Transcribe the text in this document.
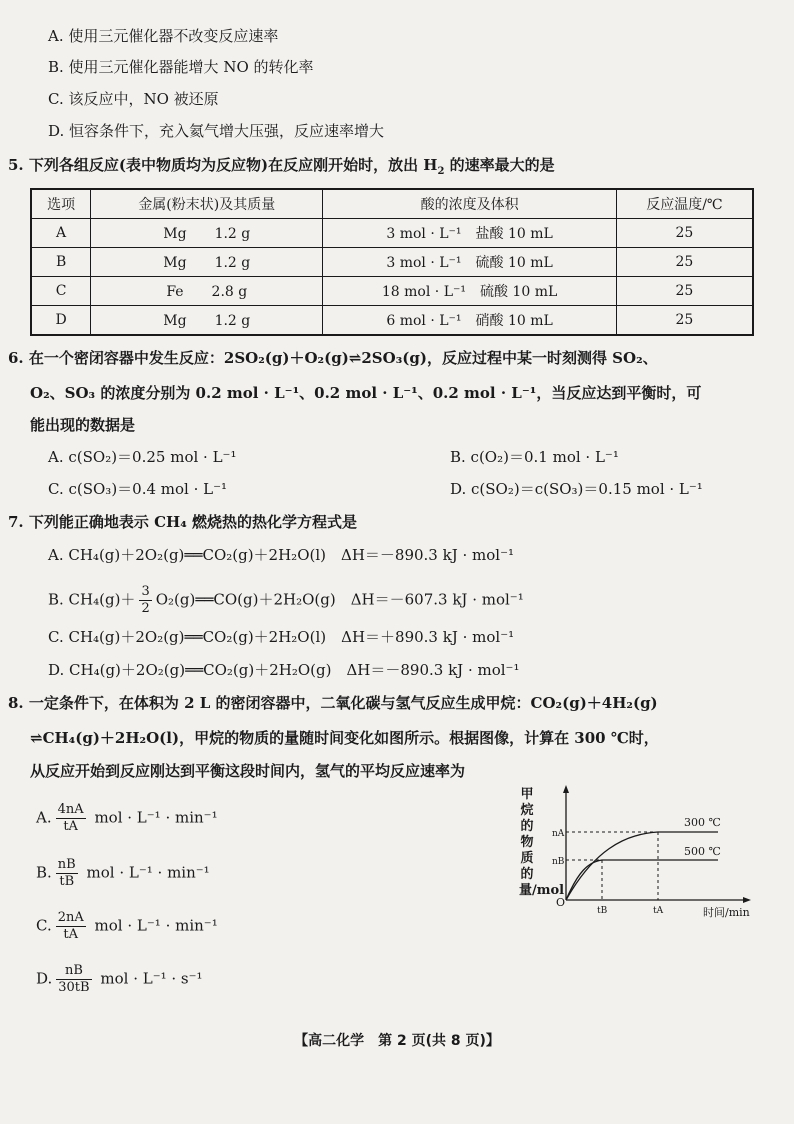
A. 使用三元催化器不改变反应速率
B. 使用三元催化器能增大 NO 的转化率
C. 该反应中，NO 被还原
D. 恒容条件下，充入氦气增大压强，反应速率增大
5. 下列各组反应(表中物质均为反应物)在反应刚开始时，放出 $H_2$ 的速率最大的是
选项	金属(粉末状)及其质量	酸的浓度及体积	反应温度/℃
A	Mg　　1.2 g	3 mol · L⁻¹　盐酸 10 mL	25
B	Mg　　1.2 g	3 mol · L⁻¹　硫酸 10 mL	25
C	Fe　　2.8 g	18 mol · L⁻¹　硫酸 10 mL	25
D	Mg　　1.2 g	6 mol · L⁻¹　硝酸 10 mL	25
6. 在一个密闭容器中发生反应：2SO₂(g)＋O₂(g)⇌2SO₃(g)，反应过程中某一时刻测得 SO₂、
O₂、SO₃ 的浓度分别为 0.2 mol · L⁻¹、0.2 mol · L⁻¹、0.2 mol · L⁻¹，当反应达到平衡时，可
能出现的数据是
A. c(SO₂)＝0.25 mol · L⁻¹	B. c(O₂)＝0.1 mol · L⁻¹
C. c(SO₃)＝0.4 mol · L⁻¹	D. c(SO₂)＝c(SO₃)＝0.15 mol · L⁻¹
7. 下列能正确地表示 CH₄ 燃烧热的热化学方程式是
A. CH₄(g)＋2O₂(g)══CO₂(g)＋2H₂O(l)　ΔH＝－890.3 kJ · mol⁻¹
B. $CH_4(g)+ \frac{3}{2}$ O₂(g)══CO(g)＋2H₂O(g)　ΔH＝－607.3 kJ · mol⁻¹
C. CH₄(g)＋2O₂(g)══CO₂(g)＋2H₂O(l)　ΔH＝＋890.3 kJ · mol⁻¹
D. CH₄(g)＋2O₂(g)══CO₂(g)＋2H₂O(g)　ΔH＝－890.3 kJ · mol⁻¹
8. 一定条件下，在体积为 2 L 的密闭容器中，二氧化碳与氢气反应生成甲烷：CO₂(g)＋4H₂(g)
⇌CH₄(g)＋2H₂O(l)，甲烷的物质的量随时间变化如图所示。根据图像，计算在 300 ℃时，
从反应开始到反应刚达到平衡这段时间内，氢气的平均反应速率为
A. $\frac{4nA}{tA}$ mol · L⁻¹ · min⁻¹
B. $\frac{nB}{tB}$ mol · L⁻¹ · min⁻¹
C. $\frac{2nA}{tA}$ mol · L⁻¹ · min⁻¹
D. $\frac{nB}{30tB}$ mol · L⁻¹ · s⁻¹
甲烷的物质的量/mol
300 ℃
500 ℃
nA
nB
tB	tA
O
时间/min
【高二化学　第 2 页(共 8 页)】
